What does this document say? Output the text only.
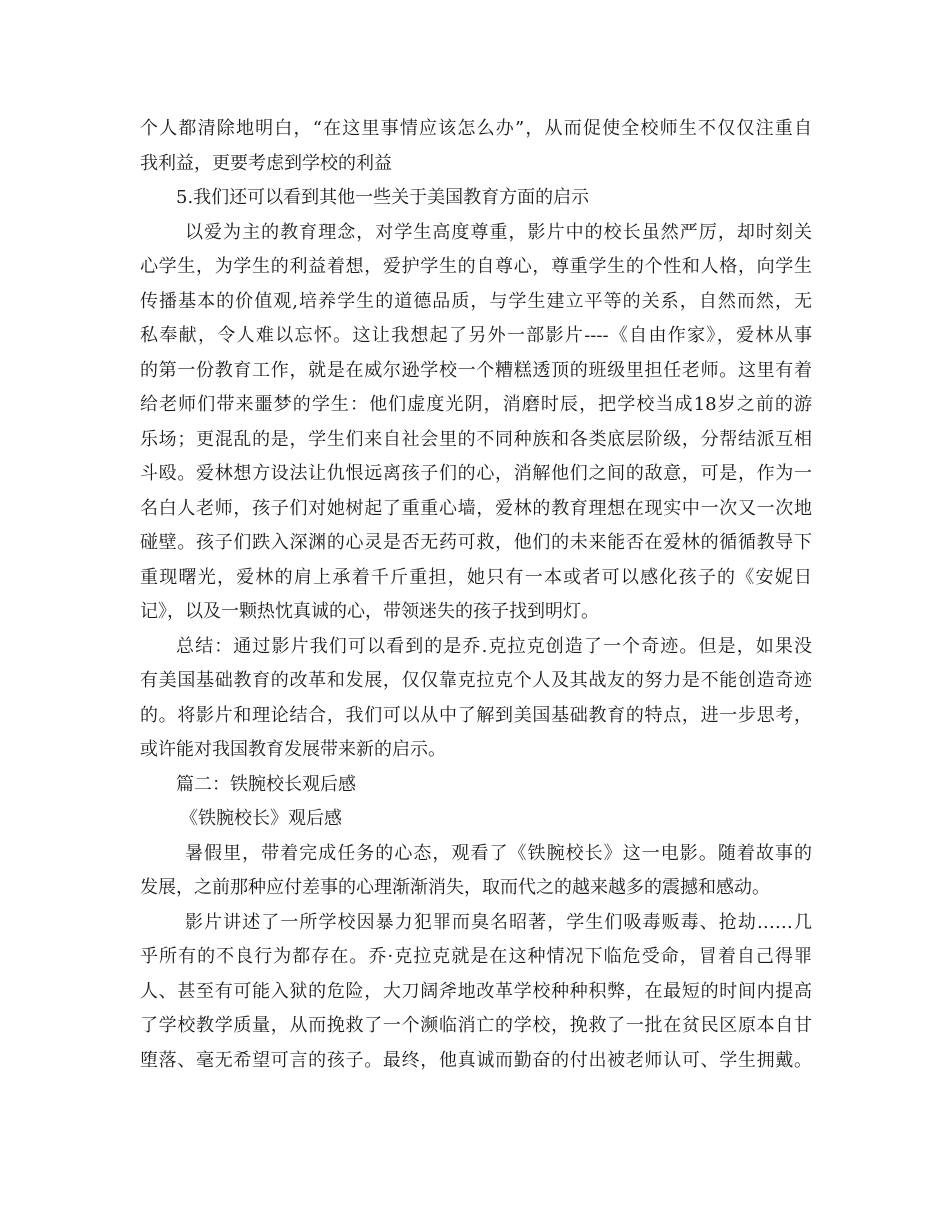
个人都清除地明白，“在这里事情应该怎么办”，从而促使全校师生不仅仅注重自
我利益，更要考虑到学校的利益
5.我们还可以看到其他一些关于美国教育方面的启示
以爱为主的教育理念，对学生高度尊重，影片中的校长虽然严厉，却时刻关
心学生，为学生的利益着想，爱护学生的自尊心，尊重学生的个性和人格，向学生
传播基本的价值观,培养学生的道德品质，与学生建立平等的关系，自然而然，无
私奉献，令人难以忘怀。这让我想起了另外一部影片----《自由作家》，爱林从事
的第一份教育工作，就是在威尔逊学校一个糟糕透顶的班级里担任老师。这里有着
给老师们带来噩梦的学生：他们虚度光阴，消磨时辰，把学校当成18岁之前的游
乐场；更混乱的是，学生们来自社会里的不同种族和各类底层阶级，分帮结派互相
斗殴。爱林想方设法让仇恨远离孩子们的心，消解他们之间的敌意，可是，作为一
名白人老师，孩子们对她树起了重重心墙，爱林的教育理想在现实中一次又一次地
碰壁。孩子们跌入深渊的心灵是否无药可救，他们的未来能否在爱林的循循教导下
重现曙光，爱林的肩上承着千斤重担，她只有一本或者可以感化孩子的《安妮日
记》，以及一颗热忱真诚的心，带领迷失的孩子找到明灯。
总结：通过影片我们可以看到的是乔.克拉克创造了一个奇迹。但是，如果没
有美国基础教育的改革和发展，仅仅靠克拉克个人及其战友的努力是不能创造奇迹
的。将影片和理论结合，我们可以从中了解到美国基础教育的特点，进一步思考，
或许能对我国教育发展带来新的启示。
篇二：铁腕校长观后感
《铁腕校长》观后感
暑假里，带着完成任务的心态，观看了《铁腕校长》这一电影。随着故事的
发展，之前那种应付差事的心理渐渐消失，取而代之的越来越多的震撼和感动。
影片讲述了一所学校因暴力犯罪而臭名昭著，学生们吸毒贩毒、抢劫……几
乎所有的不良行为都存在。乔·克拉克就是在这种情况下临危受命，冒着自己得罪
人、甚至有可能入狱的危险，大刀阔斧地改革学校种种积弊，在最短的时间内提高
了学校教学质量，从而挽救了一个濒临消亡的学校，挽救了一批在贫民区原本自甘
堕落、毫无希望可言的孩子。最终，他真诚而勤奋的付出被老师认可、学生拥戴。
